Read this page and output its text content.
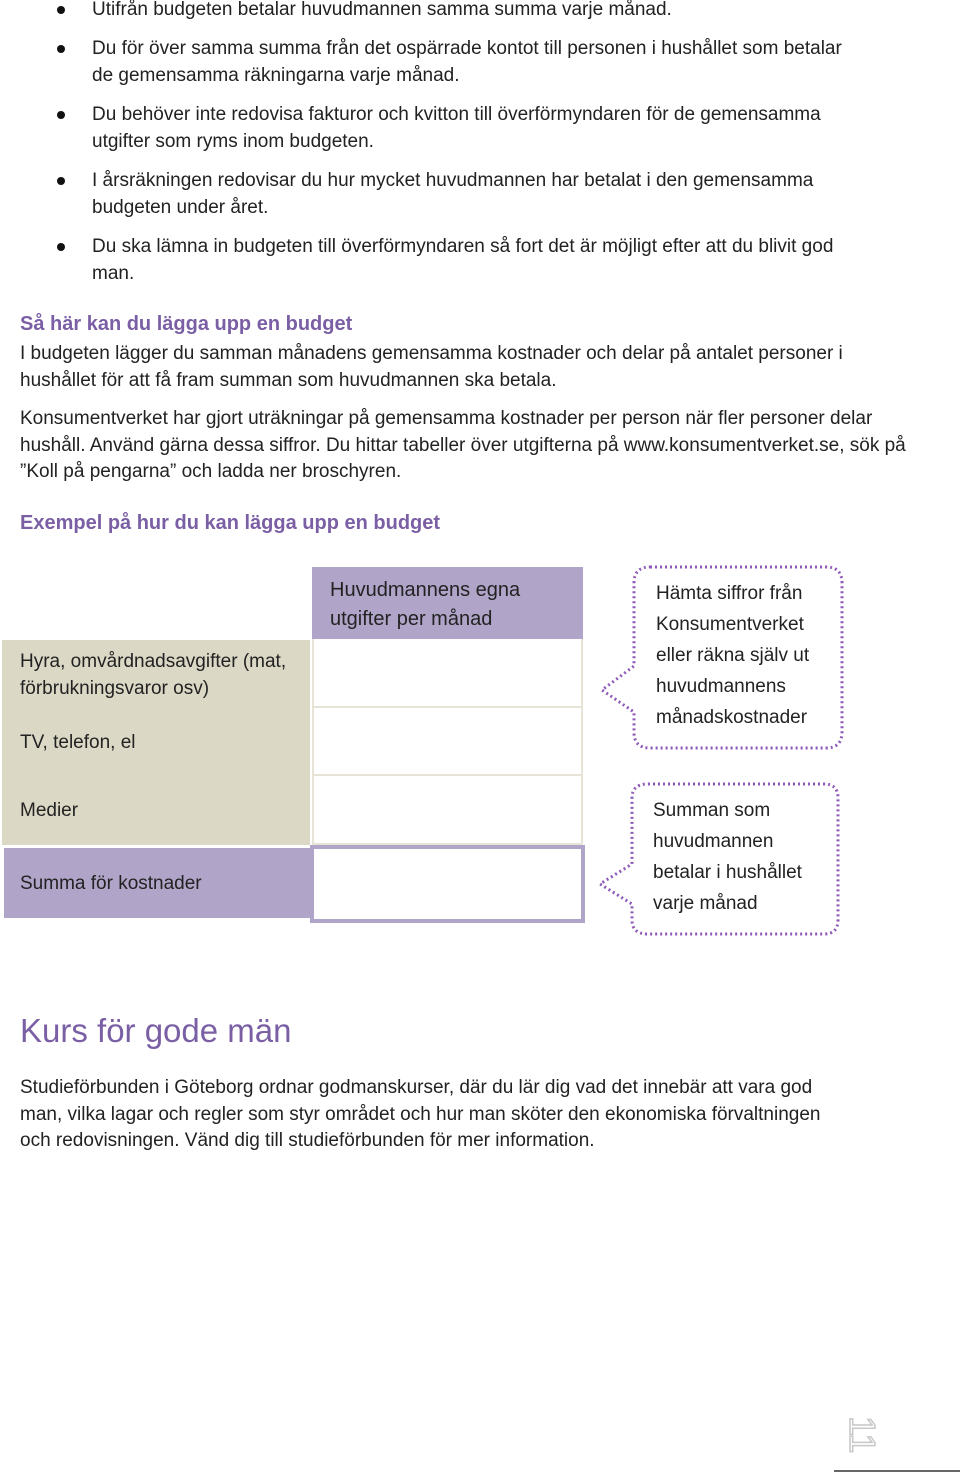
Utifrån budgeten betalar huvudmannen samma summa varje månad.
Du för över samma summa från det ospärrade kontot till personen i hushållet som betalar de gemensamma räkningarna varje månad.
Du behöver inte redovisa fakturor och kvitton till överförmyndaren för de gemensamma utgifter som ryms inom budgeten.
I årsräkningen redovisar du hur mycket huvudmannen har betalat i den gemensamma budgeten under året.
Du ska lämna in budgeten till överförmyndaren så fort det är möjligt efter att du blivit god man.
Så här kan du lägga upp en budget
I budgeten lägger du samman månadens gemensamma kostnader och delar på antalet personer i hushållet för att få fram summan som huvudmannen ska betala.
Konsumentverket har gjort uträkningar på gemensamma kostnader per person när fler personer delar hushåll. Använd gärna dessa siffror. Du hittar tabeller över utgifterna på www.konsumentverket.se, sök på ”Koll på pengarna” och ladda ner broschyren.
Exempel på hur du kan lägga upp en budget
Hyra, omvårdnadsavgifter (mat, förbrukningsvaror osv)
TV, telefon, el
Medier
Summa för kostnader
Huvudmannens egna utgifter per månad
Hämta siffror från Konsumentverket eller räkna själv ut huvudmannens månadskostnader
Summan som huvudmannen betalar i hushållet varje månad
Kurs för gode män
Studieförbunden i Göteborg ordnar godmanskurser, där du lär dig vad det innebär att vara god man, vilka lagar och regler som styr området och hur man sköter den ekonomiska förvaltningen och redovisningen. Vänd dig till studieförbunden för mer information.
11
